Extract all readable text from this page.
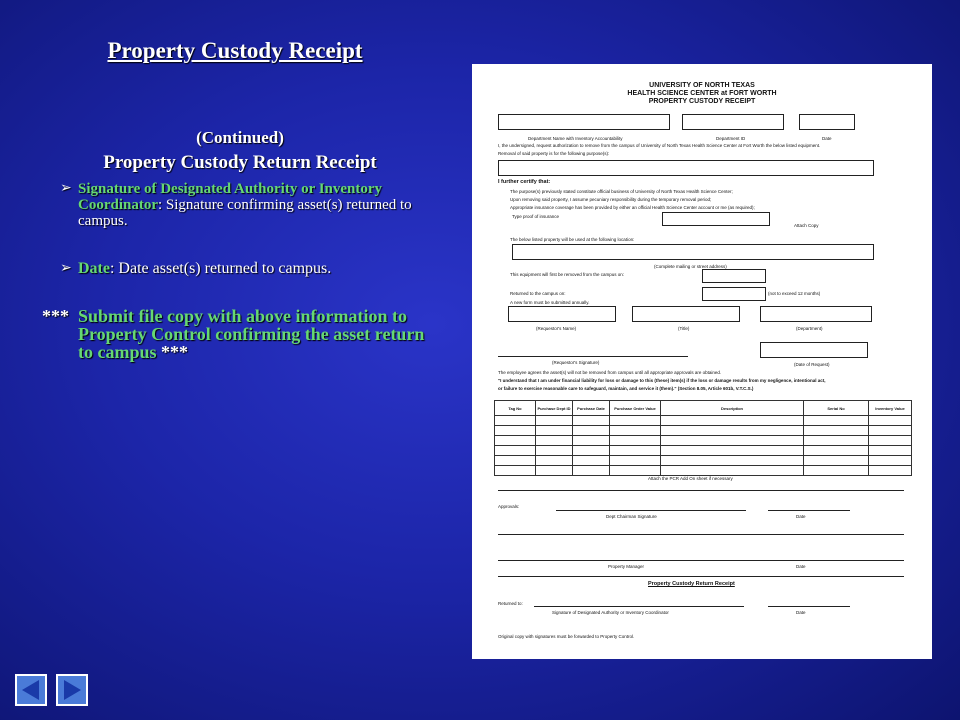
Property Custody Receipt
(Continued)
Property Custody Return Receipt
➢ Signature of Designated Authority or Inventory Coordinator: Signature confirming asset(s) returned to campus.
➢ Date: Date asset(s) returned to campus.
*** Submit file copy with above information to Property Control confirming the asset return to campus ***
UNIVERSITY OF NORTH TEXAS
HEALTH SCIENCE CENTER at FORT WORTH
PROPERTY CUSTODY RECEIPT
Department Name with Inventory Accountability	Department ID	Date
I, the undersigned, request authorization to remove from the campus of University of North Texas Health Science Center at Fort Worth the below listed equipment.
Removal of said property is for the following purpose(s):
I further certify that:
The purpose(s) previously stated constitute official business of University of North Texas Health Science Center;
Upon removing said property, I assume pecuniary responsibility during the temporary removal period;
Appropriate insurance coverage has been provided by either an official Health Science Center account or me (as required);
Type proof of insurance
Attach Copy
The below listed property will be used at the following location:
(Complete mailing or street address)
This equipment will first be removed from the campus on:
Returned to the campus on:	(not to exceed 12 months)
A new form must be submitted annually.
(Requestor's Name)	(Title)	(Department)
(Requestor's Signature)	(Date of Request)
The employee agrees the asset(s) will not be removed from campus until all appropriate approvals are obtained.
"I understand that I am under financial liability for loss or damage to this (these) item(s) if the loss or damage results from my negligence, intentional act,
or failure to exercise reasonable care to safeguard, maintain, and service it (them)." (Section 8.05, Article 601b, V.T.C.S.)
Tag No	Purchase Dept ID	Purchase Date	Purchase Order Value	Description	Serial No	Inventory Value

Attach the PCR Add On sheet if necessary
Approvals:
Dept Chairman Signature	Date
Property Manager	Date
Property Custody Return Receipt
Returned to:
Signature of Designated Authority or Inventory Coordinator	Date
Original copy with signatures must be forwarded to Property Control.
